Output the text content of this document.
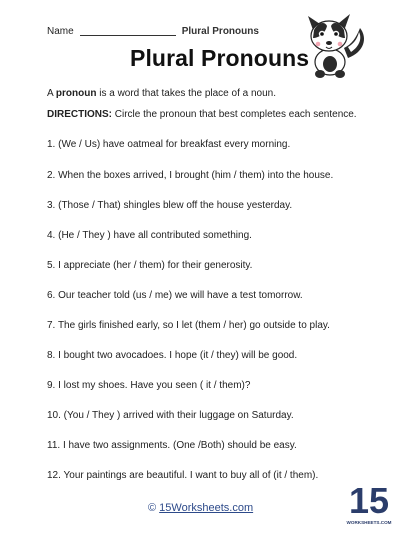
Name	Plural Pronouns
Plural Pronouns
A pronoun is a word that takes the place of a noun.
DIRECTIONS: Circle the pronoun that best completes each sentence.
1. (We / Us) have oatmeal for breakfast every morning.
2. When the boxes arrived, I brought (him / them) into the house.
3. (Those / That) shingles blew off the house yesterday.
4. (He / They ) have all contributed something.
5. I appreciate (her / them) for their generosity.
6. Our teacher told (us / me) we will have a test tomorrow.
7. The girls finished early, so I let (them / her) go outside to play.
8. I bought two avocadoes. I hope (it / they) will be good.
9. I lost my shoes. Have you seen ( it / them)?
10. (You / They ) arrived with their luggage on Saturday.
11. I have two assignments. (One /Both) should be easy.
12. Your paintings are beautiful. I want to buy all of (it / them).
© 15Worksheets.com	15
WORKSHEETS.COM
